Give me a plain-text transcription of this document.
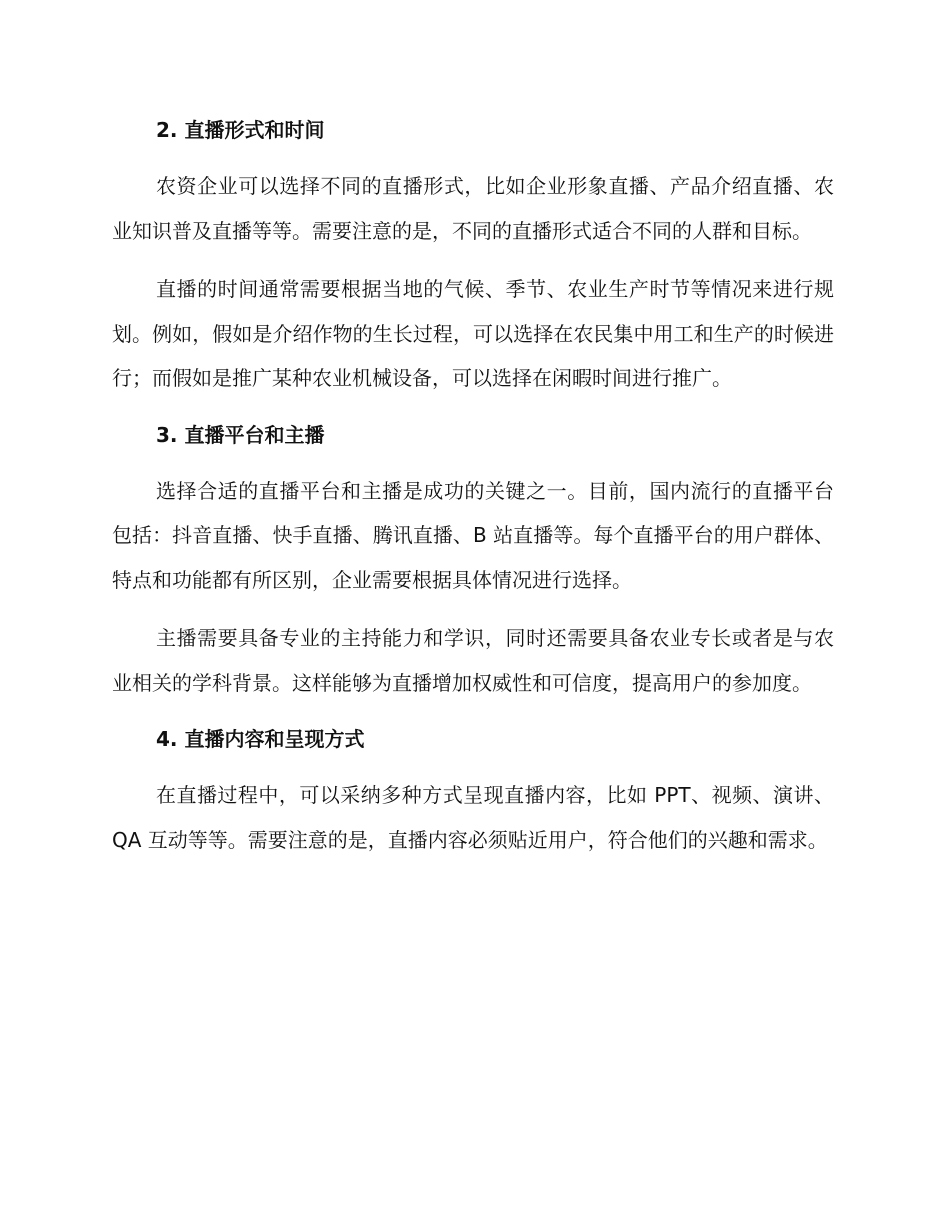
2. 直播形式和时间

农资企业可以选择不同的直播形式，比如企业形象直播、产品介绍直播、农业知识普及直播等等。需要注意的是，不同的直播形式适合不同的人群和目标。

直播的时间通常需要根据当地的气候、季节、农业生产时节等情况来进行规划。例如，假如是介绍作物的生长过程，可以选择在农民集中用工和生产的时候进行；而假如是推广某种农业机械设备，可以选择在闲暇时间进行推广。

3. 直播平台和主播

选择合适的直播平台和主播是成功的关键之一。目前，国内流行的直播平台包括：抖音直播、快手直播、腾讯直播、B 站直播等。每个直播平台的用户群体、特点和功能都有所区别，企业需要根据具体情况进行选择。

主播需要具备专业的主持能力和学识，同时还需要具备农业专长或者是与农业相关的学科背景。这样能够为直播增加权威性和可信度，提高用户的参加度。

4. 直播内容和呈现方式

在直播过程中，可以采纳多种方式呈现直播内容，比如 PPT、视频、演讲、QA 互动等等。需要注意的是，直播内容必须贴近用户，符合他们的兴趣和需求。
